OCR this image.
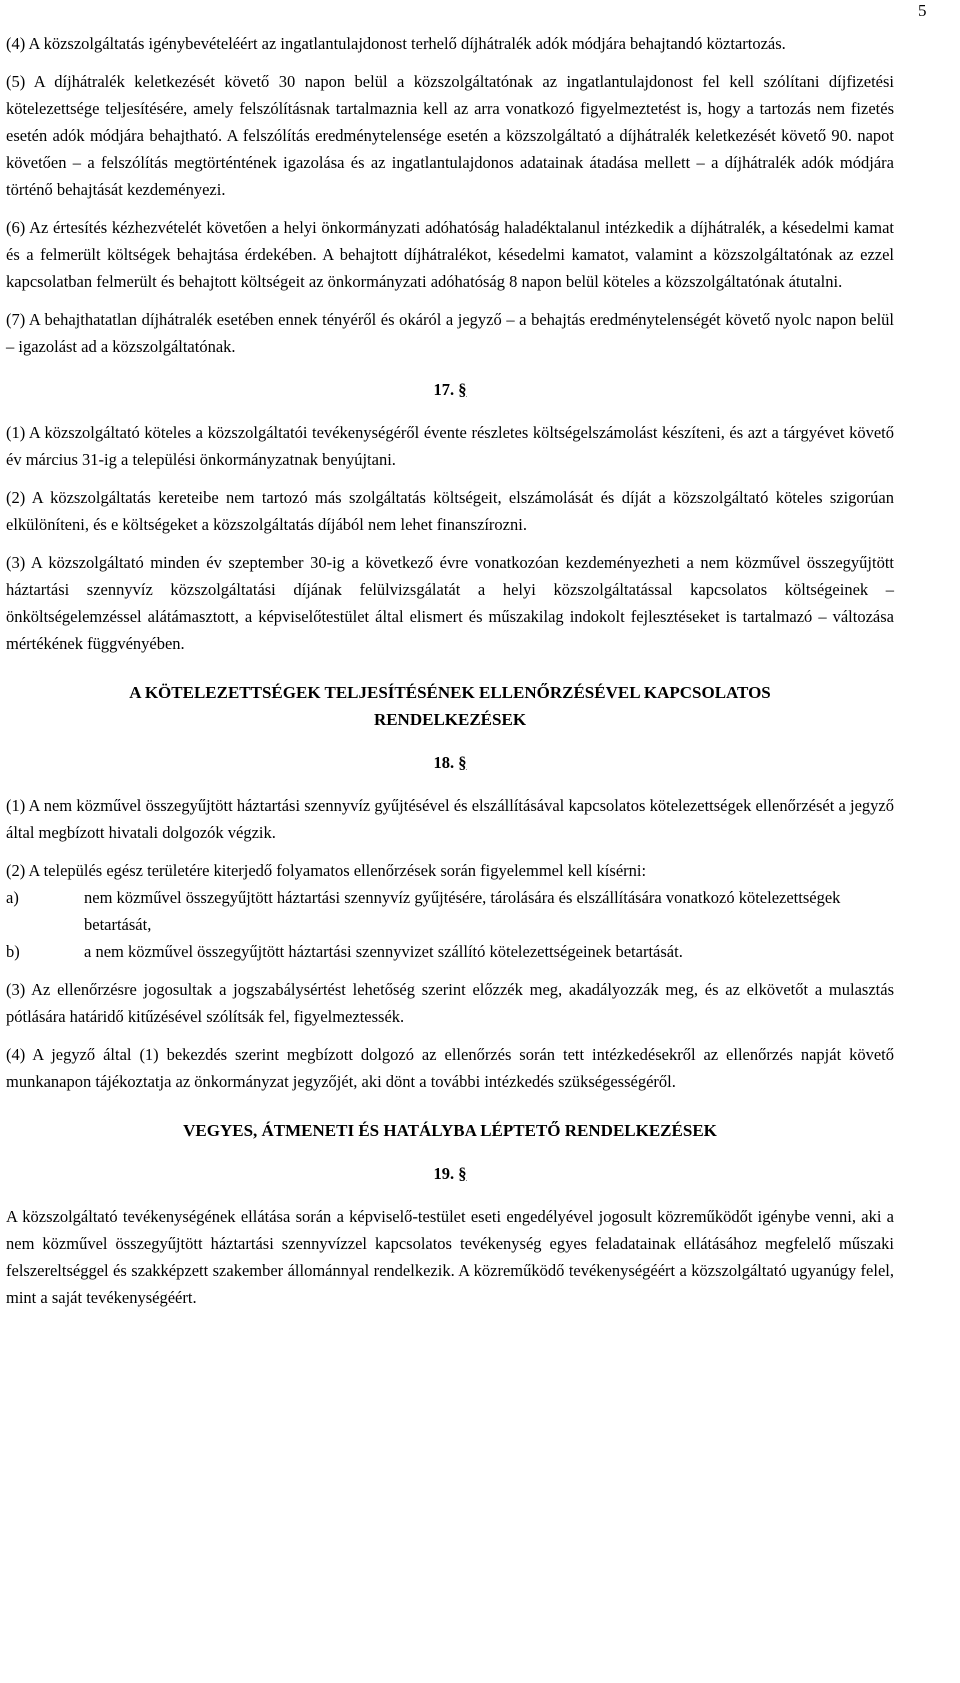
5

(4) A közszolgáltatás igénybevételéért az ingatlantulajdonost terhelő díjhátralék adók módjára behajtandó köztartozás.

(5) A díjhátralék keletkezését követő 30 napon belül a közszolgáltatónak az ingatlantulajdonost fel kell szólítani díjfizetési kötelezettsége teljesítésére, amely felszólításnak tartalmaznia kell az arra vonatkozó figyelmeztetést is, hogy a tartozás nem fizetés esetén adók módjára behajtható. A felszólítás eredménytelensége esetén a közszolgáltató a díjhátralék keletkezését követő 90. napot követően – a felszólítás megtörténtének igazolása és az ingatlantulajdonos adatainak átadása mellett – a díjhátralék adók módjára történő behajtását kezdeményezi.

(6) Az értesítés kézhezvételét követően a helyi önkormányzati adóhatóság haladéktalanul intézkedik a díjhátralék, a késedelmi kamat és a felmerült költségek behajtása érdekében. A behajtott díjhátralékot, késedelmi kamatot, valamint a közszolgáltatónak az ezzel kapcsolatban felmerült és behajtott költségeit az önkormányzati adóhatóság 8 napon belül köteles a közszolgáltatónak átutalni.

(7) A behajthatatlan díjhátralék esetében ennek tényéről és okáról a jegyző – a behajtás eredménytelenségét követő nyolc napon belül – igazolást ad a közszolgáltatónak.

17. §

(1) A közszolgáltató köteles a közszolgáltatói tevékenységéről évente részletes költségelszámolást készíteni, és azt a tárgyévet követő év március 31-ig a települési önkormányzatnak benyújtani.

(2) A közszolgáltatás kereteibe nem tartozó más szolgáltatás költségeit, elszámolását és díját a közszolgáltató köteles szigorúan elkülöníteni, és e költségeket a közszolgáltatás díjából nem lehet finanszírozni.

(3) A közszolgáltató minden év szeptember 30-ig a következő évre vonatkozóan kezdeményezheti a nem közművel összegyűjtött háztartási szennyvíz közszolgáltatási díjának felülvizsgálatát a helyi közszolgáltatással kapcsolatos költségeinek – önköltségelemzéssel alátámasztott, a képviselőtestület által elismert és műszakilag indokolt fejlesztéseket is tartalmazó – változása mértékének függvényében.

A KÖTELEZETTSÉGEK TELJESÍTÉSÉNEK ELLENŐRZÉSÉVEL KAPCSOLATOS
RENDELKEZÉSEK
18. §

(1) A nem közművel összegyűjtött háztartási szennyvíz gyűjtésével és elszállításával kapcsolatos kötelezettségek ellenőrzését a jegyző által megbízott hivatali dolgozók végzik.

(2) A település egész területére kiterjedő folyamatos ellenőrzések során figyelemmel kell kísérni:
a)	nem közművel összegyűjtött háztartási szennyvíz gyűjtésére, tárolására és elszállítására vonatkozó kötelezettségek betartását,
b)	a nem közművel összegyűjtött háztartási szennyvizet szállító kötelezettségeinek betartását.

(3) Az ellenőrzésre jogosultak a jogszabálysértést lehetőség szerint előzzék meg, akadályozzák meg, és az elkövetőt a mulasztás pótlására határidő kitűzésével szólítsák fel, figyelmeztessék.

(4) A jegyző által (1) bekezdés szerint megbízott dolgozó az ellenőrzés során tett intézkedésekről az ellenőrzés napját követő munkanapon tájékoztatja az önkormányzat jegyzőjét, aki dönt a további intézkedés szükségességéről.

VEGYES, ÁTMENETI ÉS HATÁLYBA LÉPTETŐ RENDELKEZÉSEK
19. §

A közszolgáltató tevékenységének ellátása során a képviselő-testület eseti engedélyével jogosult közreműködőt igénybe venni, aki a nem közművel összegyűjtött háztartási szennyvízzel kapcsolatos tevékenység egyes feladatainak ellátásához megfelelő műszaki felszereltséggel és szakképzett szakember állománnyal rendelkezik. A közreműködő tevékenységéért a közszolgáltató ugyanúgy felel, mint a saját tevékenységéért.
